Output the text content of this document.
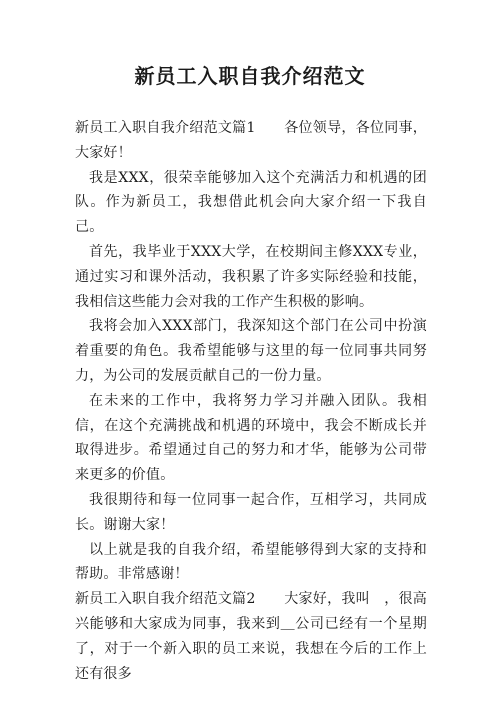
新员工入职自我介绍范文

新员工入职自我介绍范文篇1　　各位领导，各位同事，大家好！

我是XXX，很荣幸能够加入这个充满活力和机遇的团队。作为新员工，我想借此机会向大家介绍一下我自己。

首先，我毕业于XXX大学，在校期间主修XXX专业，通过实习和课外活动，我积累了许多实际经验和技能，我相信这些能力会对我的工作产生积极的影响。

我将会加入XXX部门，我深知这个部门在公司中扮演着重要的角色。我希望能够与这里的每一位同事共同努力，为公司的发展贡献自己的一份力量。

在未来的工作中，我将努力学习并融入团队。我相信，在这个充满挑战和机遇的环境中，我会不断成长并取得进步。希望通过自己的努力和才华，能够为公司带来更多的价值。

我很期待和每一位同事一起合作，互相学习，共同成长。谢谢大家！

以上就是我的自我介绍，希望能够得到大家的支持和帮助。非常感谢！

新员工入职自我介绍范文篇2　　大家好，我叫　，很高兴能够和大家成为同事，我来到＿公司已经有一个星期了，对于一个新入职的员工来说，我想在今后的工作上还有很多
